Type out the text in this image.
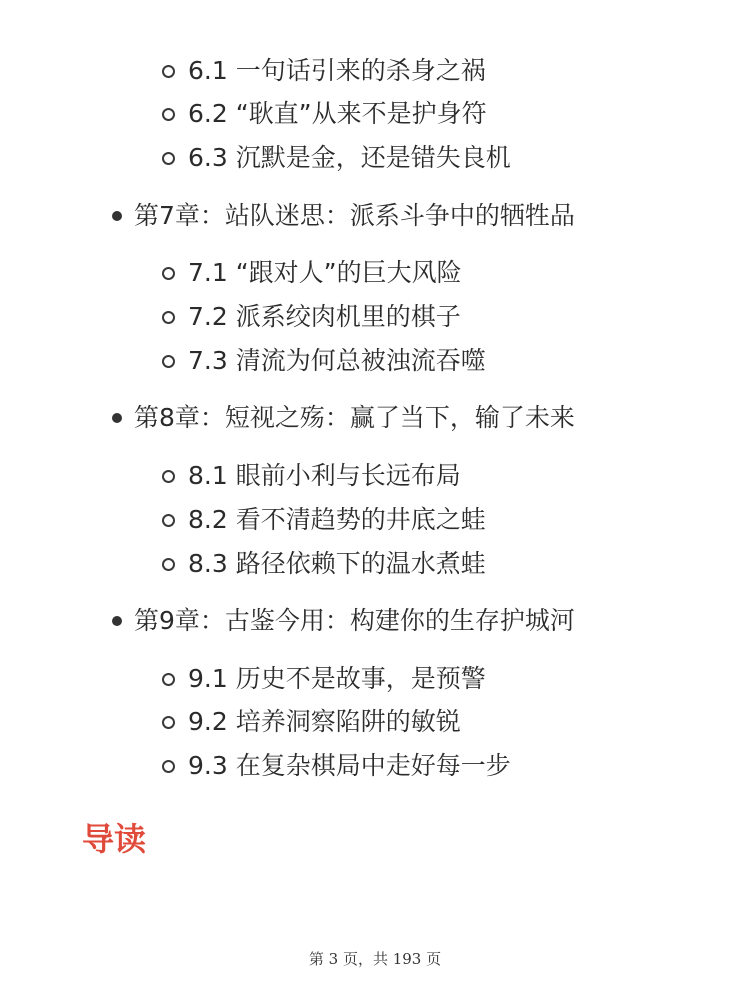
6.1 一句话引来的杀身之祸
6.2 “耿直”从来不是护身符
6.3 沉默是金，还是错失良机
第7章：站队迷思：派系斗争中的牺牲品
7.1 “跟对人”的巨大风险
7.2 派系绞肉机里的棋子
7.3 清流为何总被浊流吞噬
第8章：短视之殇：赢了当下，输了未来
8.1 眼前小利与长远布局
8.2 看不清趋势的井底之蛙
8.3 路径依赖下的温水煮蛙
第9章：古鉴今用：构建你的生存护城河
9.1 历史不是故事，是预警
9.2 培养洞察陷阱的敏锐
9.3 在复杂棋局中走好每一步
导读
第 3 页，共 193 页
